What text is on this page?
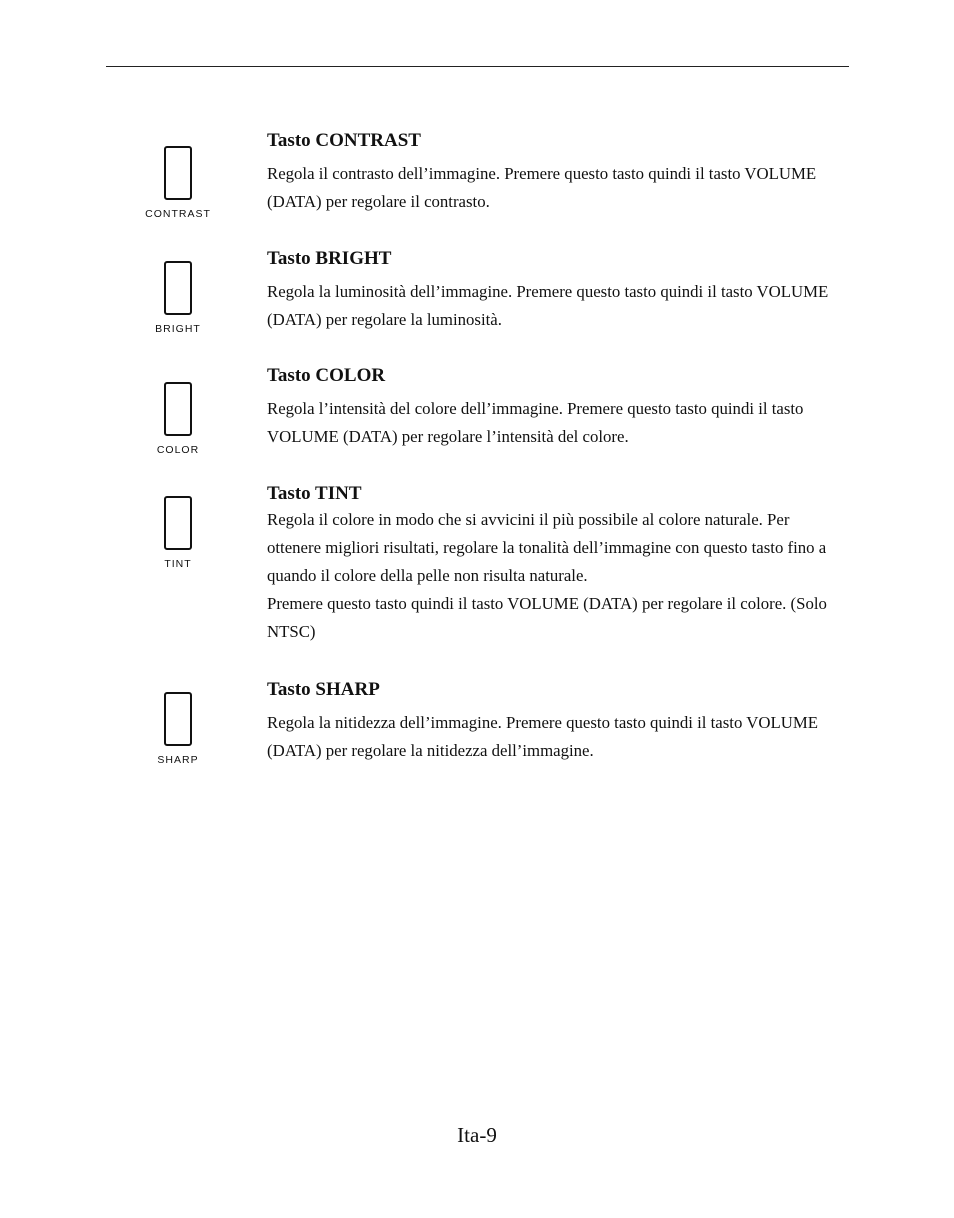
CONTRAST
Tasto CONTRAST

Regola il contrasto dell’immagine. Premere questo tasto quindi il tasto VOLUME (DATA) per regolare il contrasto.

BRIGHT
Tasto BRIGHT

Regola la luminosità dell’immagine. Premere questo tasto quindi il tasto VOLUME (DATA) per regolare la luminosità.

COLOR
Tasto COLOR

Regola l’intensità del colore dell’immagine. Premere questo tasto quindi il tasto VOLUME (DATA) per regolare l’intensità del colore.

TINT
Tasto TINT

Regola il colore in modo che si avvicini il più possibile al colore naturale. Per ottenere migliori risultati, regolare la tonalità dell’immagine con questo tasto fino a quando il colore della pelle non risulta naturale.

Premere questo tasto quindi il tasto VOLUME (DATA) per regolare il colore. (Solo NTSC)

SHARP
Tasto SHARP

Regola la nitidezza dell’immagine. Premere questo tasto quindi il tasto VOLUME (DATA) per regolare la nitidezza dell’immagine.

Ita-9
